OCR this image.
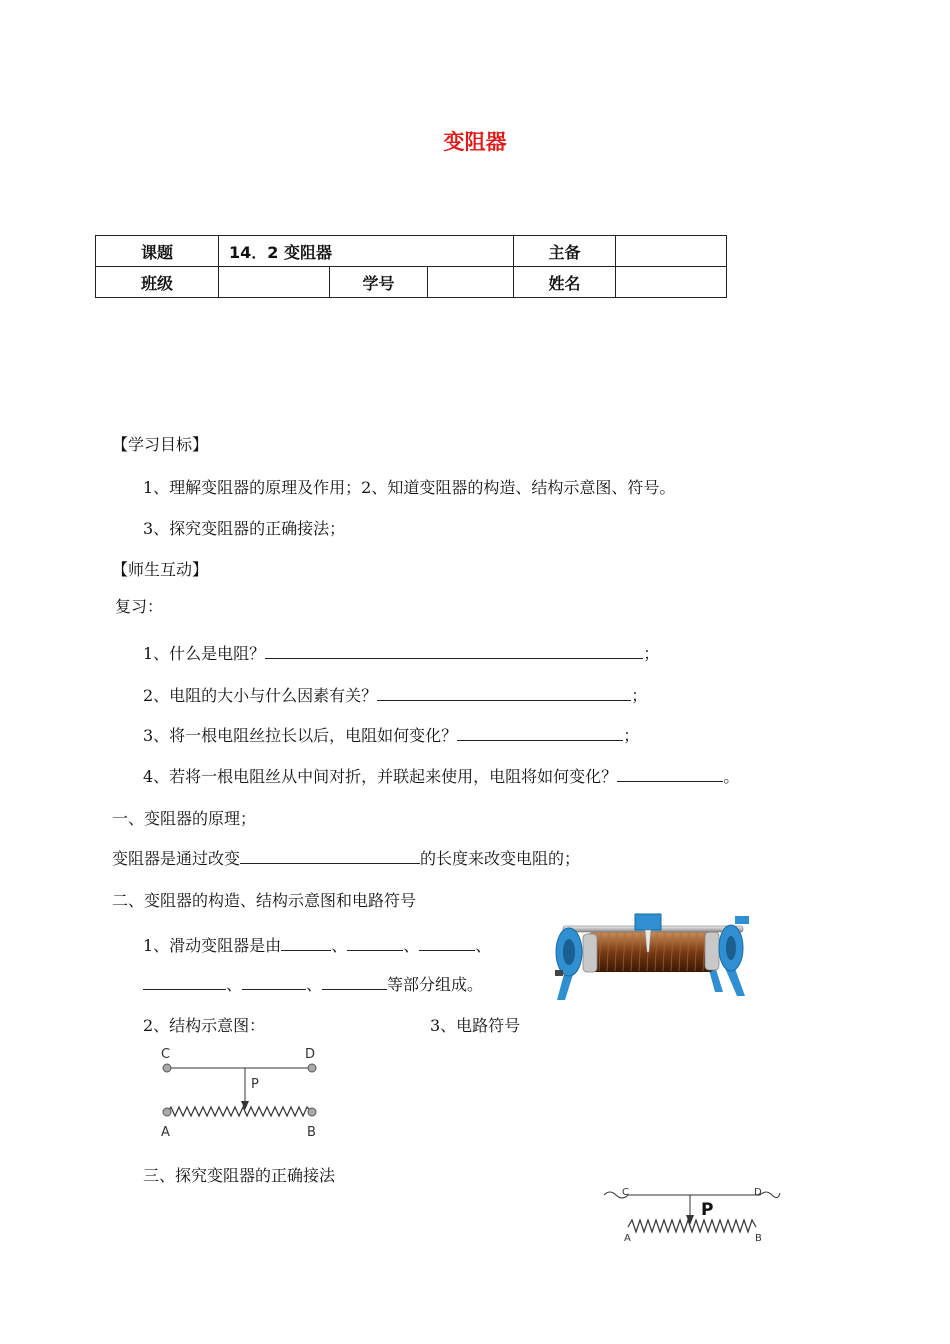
变阻器
课题	14．2 变阻器			主备	
班级		学号		姓名	
【学习目标】
1、理解变阻器的原理及作用；2、知道变阻器的构造、结构示意图、符号。
3、探究变阻器的正确接法；
【师生互动】
复习：
1、什么是电阻？	；
2、电阻的大小与什么因素有关？	；
3、将一根电阻丝拉长以后，电阻如何变化？	；
4、若将一根电阻丝从中间对折，并联起来使用，电阻将如何变化？	。
一、变阻器的原理；
变阻器是通过改变	的长度来改变电阻的；
二、变阻器的构造、结构示意图和电路符号
1、滑动变阻器是由	、	、	、
、	、	等部分组成。
2、结构示意图：	3、电路符号
C	D
P
A	B
三、探究变阻器的正确接法
C	D
P
A	B
